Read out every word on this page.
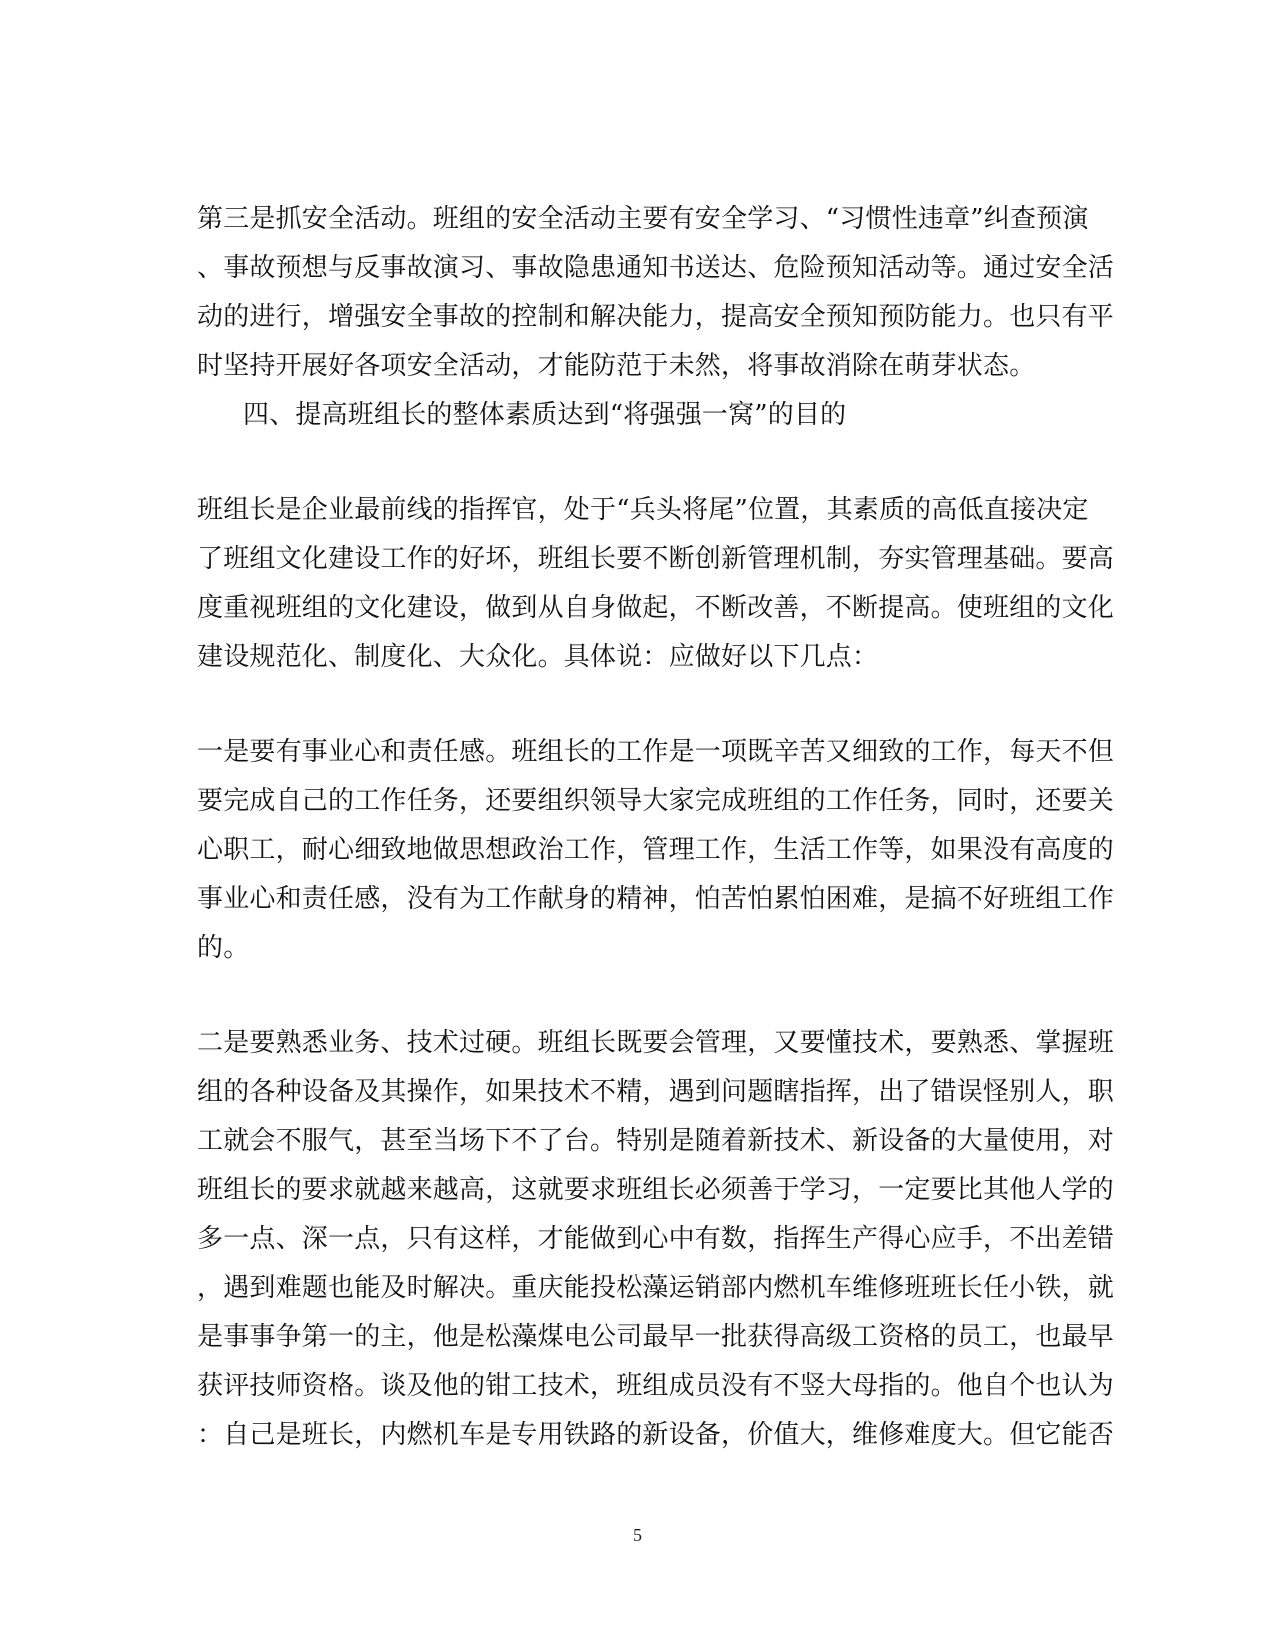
第三是抓安全活动。班组的安全活动主要有安全学习、“习惯性违章”纠查预演
、事故预想与反事故演习、事故隐患通知书送达、危险预知活动等。通过安全活
动的进行，增强安全事故的控制和解决能力，提高安全预知预防能力。也只有平
时坚持开展好各项安全活动，才能防范于未然，将事故消除在萌芽状态。
四、提高班组长的整体素质达到“将强强一窝”的目的
班组长是企业最前线的指挥官，处于“兵头将尾”位置，其素质的高低直接决定
了班组文化建设工作的好坏，班组长要不断创新管理机制，夯实管理基础。要高
度重视班组的文化建设，做到从自身做起，不断改善，不断提高。使班组的文化
建设规范化、制度化、大众化。具体说：应做好以下几点：
一是要有事业心和责任感。班组长的工作是一项既辛苦又细致的工作，每天不但
要完成自己的工作任务，还要组织领导大家完成班组的工作任务，同时，还要关
心职工，耐心细致地做思想政治工作，管理工作，生活工作等，如果没有高度的
事业心和责任感，没有为工作献身的精神，怕苦怕累怕困难，是搞不好班组工作
的。
二是要熟悉业务、技术过硬。班组长既要会管理，又要懂技术，要熟悉、掌握班
组的各种设备及其操作，如果技术不精，遇到问题瞎指挥，出了错误怪别人，职
工就会不服气，甚至当场下不了台。特别是随着新技术、新设备的大量使用，对
班组长的要求就越来越高，这就要求班组长必须善于学习，一定要比其他人学的
多一点、深一点，只有这样，才能做到心中有数，指挥生产得心应手，不出差错
，遇到难题也能及时解决。重庆能投松藻运销部内燃机车维修班班长任小铁，就
是事事争第一的主，他是松藻煤电公司最早一批获得高级工资格的员工，也最早
获评技师资格。谈及他的钳工技术，班组成员没有不竖大母指的。他自个也认为
：自己是班长，内燃机车是专用铁路的新设备，价值大，维修难度大。但它能否
5
